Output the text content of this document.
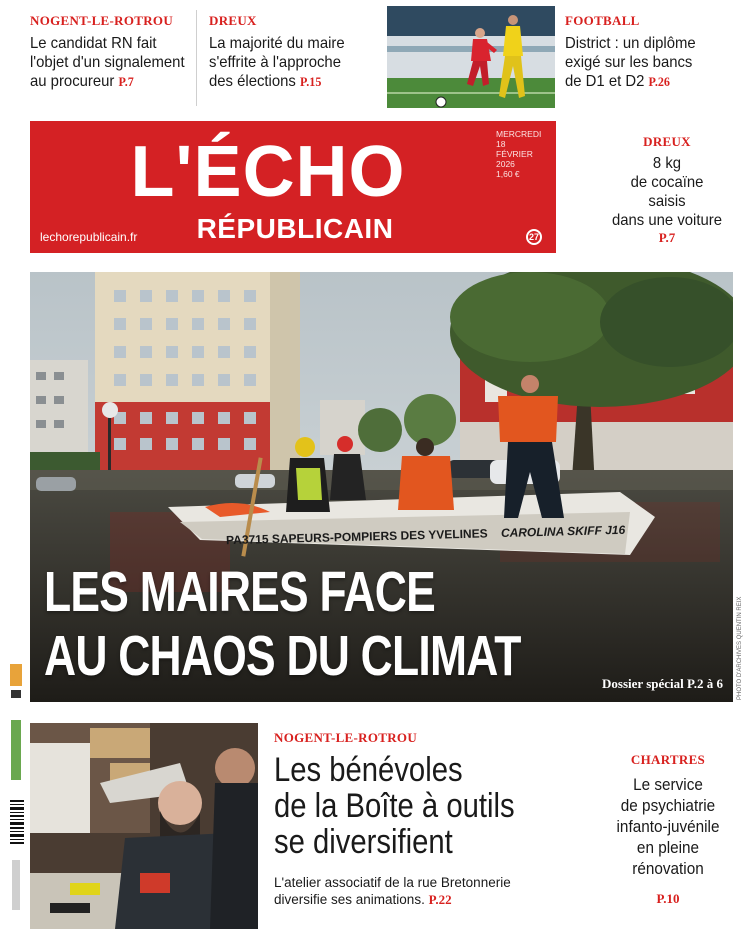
NOGENT-LE-ROTROU
Le candidat RN fait
l'objet d'un signalement
au procureur P.7
DREUX
La majorité du maire
s'effrite à l'approche
des élections P.15
FOOTBALL
District : un diplôme
exigé sur les bancs
de D1 et D2 P.26
L'ÉCHO
RÉPUBLICAIN
MERCREDI
18 FÉVRIER 2026
1,60 €
lechorepublicain.fr	27
DREUX
8 kg
de cocaïne
saisis
dans une voiture
P.7
PA3715 SAPEURS-POMPIERS DES YVELINES CAROLINA SKIFF J16
LES MAIRES FACE
AU CHAOS DU CLIMAT	Dossier spécial P.2 à 6 PHOTO D'ARCHIVES QUENTIN REIX
NOGENT-LE-ROTROU
Les bénévoles
de la Boîte à outils
se diversifient
L'atelier associatif de la rue Bretonnerie diversifie ses animations. P.22
CHARTRES
Le service
de psychiatrie
infanto-juvénile
en pleine
rénovation
P.10
